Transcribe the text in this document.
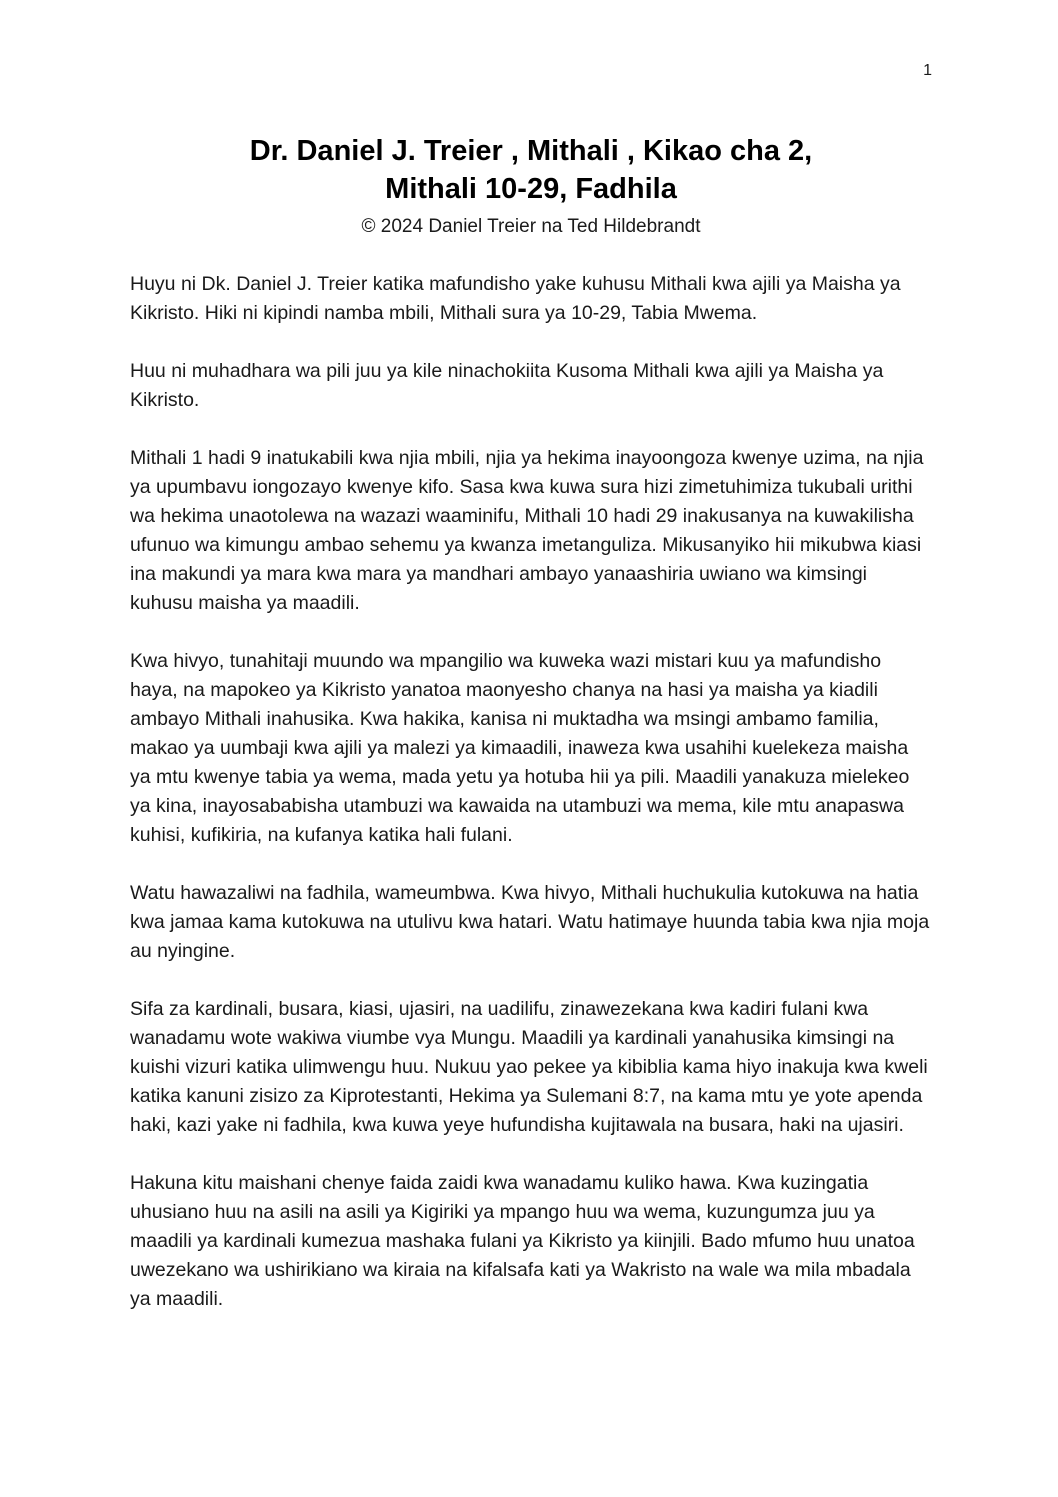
1
Dr. Daniel J. Treier , Mithali , Kikao cha 2,
Mithali 10-29, Fadhila
© 2024 Daniel Treier na Ted Hildebrandt

Huyu ni Dk. Daniel J. Treier katika mafundisho yake kuhusu Mithali kwa ajili ya Maisha ya Kikristo. Hiki ni kipindi namba mbili, Mithali sura ya 10-29, Tabia Mwema.

Huu ni muhadhara wa pili juu ya kile ninachokiita Kusoma Mithali kwa ajili ya Maisha ya Kikristo.

Mithali 1 hadi 9 inatukabili kwa njia mbili, njia ya hekima inayoongoza kwenye uzima, na njia ya upumbavu iongozayo kwenye kifo. Sasa kwa kuwa sura hizi zimetuhimiza tukubali urithi wa hekima unaotolewa na wazazi waaminifu, Mithali 10 hadi 29 inakusanya na kuwakilisha ufunuo wa kimungu ambao sehemu ya kwanza imetangulizа. Mikusanyiko hii mikubwa kiasi ina makundi ya mara kwa mara ya mandhari ambayo yanaashiria uwiano wa kimsingi kuhusu maisha ya maadili.

Kwa hivyo, tunahitaji muundo wa mpangilio wa kuweka wazi mistari kuu ya mafundisho haya, na mapokeo ya Kikristo yanatoa maonyesho chanya na hasi ya maisha ya kiadili ambayo Mithali inahusika. Kwa hakika, kanisa ni muktadha wa msingi ambamo familia, makao ya uumbaji kwa ajili ya malezi ya kimaadili, inaweza kwa usahihi kuelekeza maisha ya mtu kwenye tabia ya wema, mada yetu ya hotuba hii ya pili. Maadili yanakuza mielekeo ya kina, inayosababisha utambuzi wa kawaida na utambuzi wa mema, kile mtu anapaswa kuhisi, kufikiria, na kufanya katika hali fulani.

Watu hawazaliwi na fadhila, wameumbwa. Kwa hivyo, Mithali huchukulia kutokuwa na hatia kwa jamaa kama kutokuwa na utulivu kwa hatari. Watu hatimaye huunda tabia kwa njia moja au nyingine.

Sifa za kardinali, busara, kiasi, ujasiri, na uadilifu, zinawezekana kwa kadiri fulani kwa wanadamu wote wakiwa viumbe vya Mungu. Maadili ya kardinali yanahusika kimsingi na kuishi vizuri katika ulimwengu huu. Nukuu yao pekee ya kibiblia kama hiyo inakuja kwa kweli katika kanuni zisizo za Kiprotestanti, Hekima ya Sulemani 8:7, na kama mtu ye yote apenda haki, kazi yake ni fadhila, kwa kuwa yeye hufundisha kujitawala na busara, haki na ujasiri.

Hakuna kitu maishani chenye faida zaidi kwa wanadamu kuliko hawa. Kwa kuzingatia uhusiano huu na asili na asili ya Kigiriki ya mpango huu wa wema, kuzungumza juu ya maadili ya kardinali kumezua mashaka fulani ya Kikristo ya kiinjili. Bado mfumo huu unatoa uwezekano wa ushirikiano wa kiraia na kifalsafa kati ya Wakristo na wale wa mila mbadala ya maadili.
